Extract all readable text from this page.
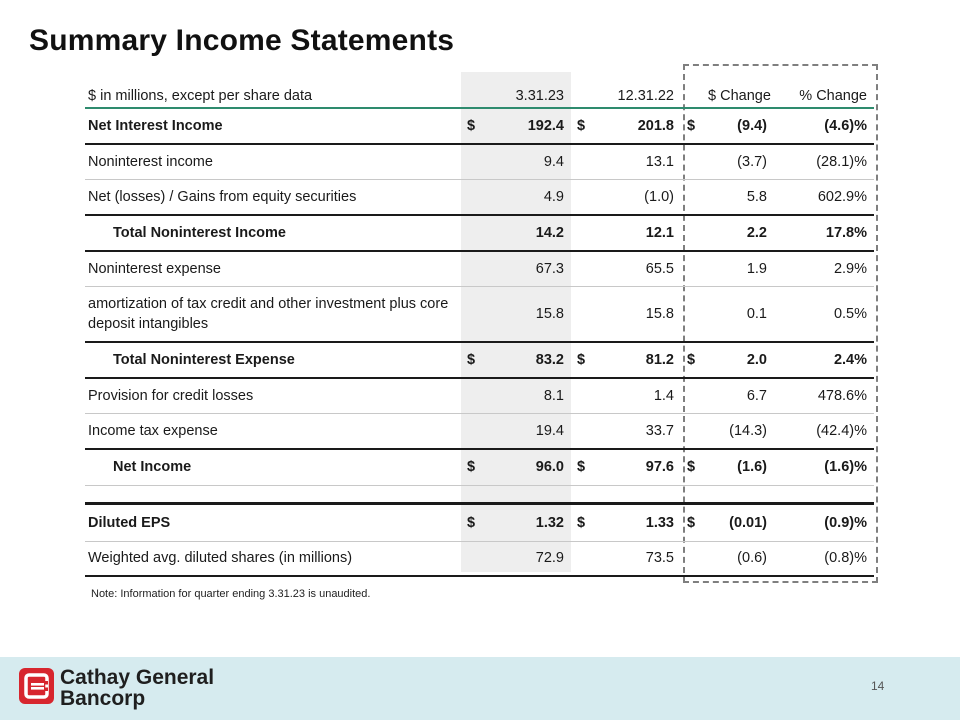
Summary Income Statements
$ in millions, except per share data		3.31.23		12.31.22		$ Change	% Change
Net Interest Income	$	192.4	$	201.8	$	(9.4)	(4.6)%
Noninterest income		9.4		13.1		(3.7)	(28.1)%
Net (losses) / Gains from equity securities		4.9		(1.0)		5.8	602.9%
Total Noninterest Income		14.2		12.1		2.2	17.8%
Noninterest expense		67.3		65.5		1.9	2.9%
amortization of tax credit and other investment plus core deposit intangibles		15.8		15.8		0.1	0.5%
Total Noninterest Expense	$	83.2	$	81.2	$	2.0	2.4%
Provision for credit losses		8.1		1.4		6.7	478.6%
Income tax expense		19.4		33.7		(14.3)	(42.4)%
Net Income	$	96.0	$	97.6	$	(1.6)	(1.6)%

Diluted EPS	$	1.32	$	1.33	$	(0.01)	(0.9)%
Weighted avg. diluted shares (in millions)		72.9		73.5		(0.6)	(0.8)%
Note: Information for quarter ending 3.31.23 is unaudited.
Cathay General
Bancorp
14
